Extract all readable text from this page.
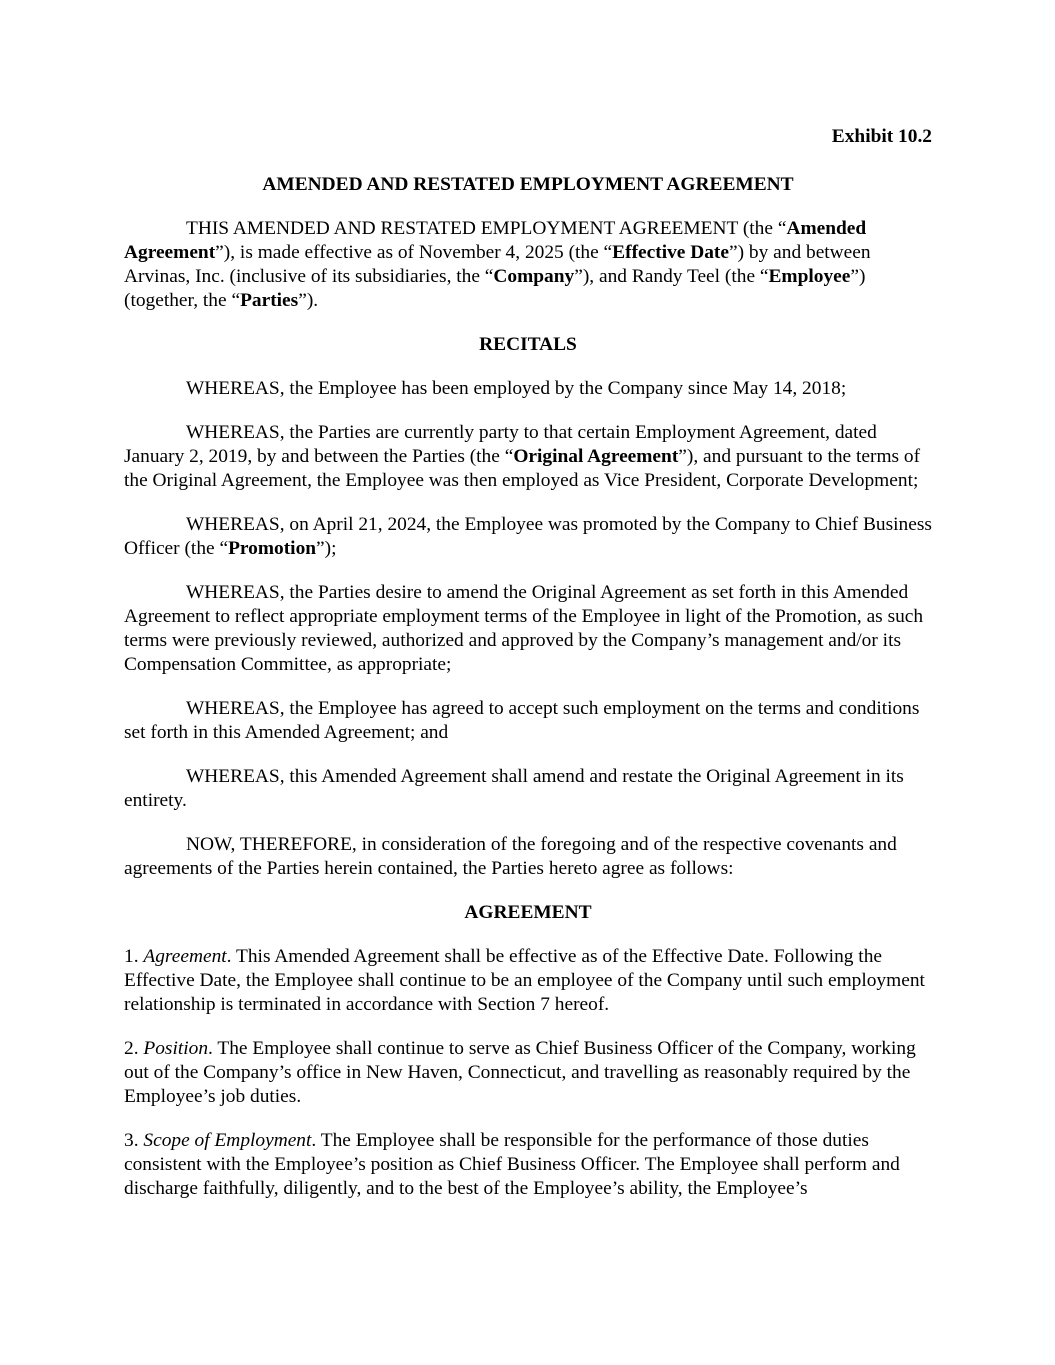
Exhibit 10.2

AMENDED AND RESTATED EMPLOYMENT AGREEMENT

THIS AMENDED AND RESTATED EMPLOYMENT AGREEMENT (the “Amended Agreement”), is made effective as of November 4, 2025 (the “Effective Date”) by and between Arvinas, Inc. (inclusive of its subsidiaries, the “Company”), and Randy Teel (the “Employee”) (together, the “Parties”).

RECITALS

WHEREAS, the Employee has been employed by the Company since May 14, 2018;

WHEREAS, the Parties are currently party to that certain Employment Agreement, dated January 2, 2019, by and between the Parties (the “Original Agreement”), and pursuant to the terms of the Original Agreement, the Employee was then employed as Vice President, Corporate Development;

WHEREAS, on April 21, 2024, the Employee was promoted by the Company to Chief Business Officer (the “Promotion”);

WHEREAS, the Parties desire to amend the Original Agreement as set forth in this Amended Agreement to reflect appropriate employment terms of the Employee in light of the Promotion, as such terms were previously reviewed, authorized and approved by the Company’s management and/or its Compensation Committee, as appropriate;

WHEREAS, the Employee has agreed to accept such employment on the terms and conditions set forth in this Amended Agreement; and

WHEREAS, this Amended Agreement shall amend and restate the Original Agreement in its entirety.

NOW, THEREFORE, in consideration of the foregoing and of the respective covenants and agreements of the Parties herein contained, the Parties hereto agree as follows:

AGREEMENT

1. Agreement. This Amended Agreement shall be effective as of the Effective Date. Following the Effective Date, the Employee shall continue to be an employee of the Company until such employment relationship is terminated in accordance with Section 7 hereof.

2. Position. The Employee shall continue to serve as Chief Business Officer of the Company, working out of the Company’s office in New Haven, Connecticut, and travelling as reasonably required by the Employee’s job duties.

3. Scope of Employment. The Employee shall be responsible for the performance of those duties consistent with the Employee’s position as Chief Business Officer. The Employee shall perform and discharge faithfully, diligently, and to the best of the Employee’s ability, the Employee’s
